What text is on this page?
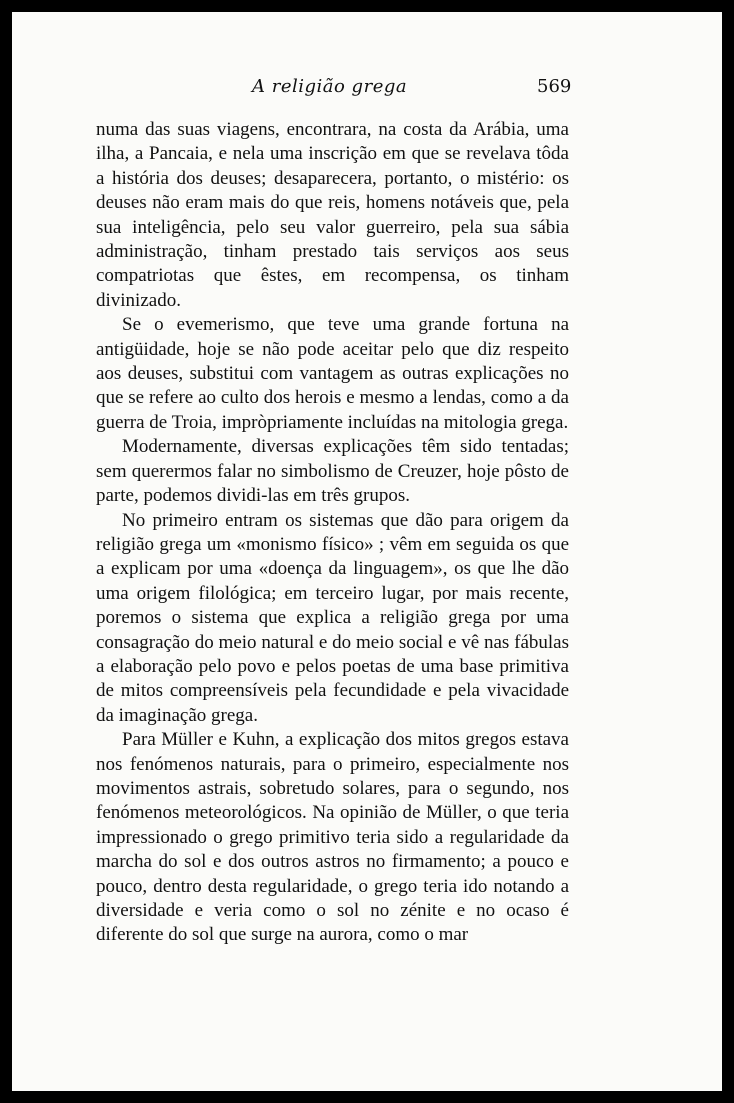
A religião grega	569

numa das suas viagens, encontrara, na costa da Arábia, uma ilha, a Pancaia, e nela uma inscrição em que se revelava tôda a história dos deuses; desaparecera, portanto, o mistério: os deuses não eram mais do que reis, homens notáveis que, pela sua inteligência, pelo seu valor guerreiro, pela sua sábia administração, tinham prestado tais serviços aos seus compatriotas que êstes, em recompensa, os tinham divinizado.

Se o evemerismo, que teve uma grande fortuna na antigüidade, hoje se não pode aceitar pelo que diz respeito aos deuses, substitui com vantagem as outras explicações no que se refere ao culto dos herois e mesmo a lendas, como a da guerra de Troia, impròpriamente incluídas na mitologia grega.

Modernamente, diversas explicações têm sido tentadas; sem querermos falar no simbolismo de Creuzer, hoje pôsto de parte, podemos dividi-las em três grupos.

No primeiro entram os sistemas que dão para origem da religião grega um «monismo físico» ; vêm em seguida os que a explicam por uma «doença da linguagem», os que lhe dão uma origem filológica; em terceiro lugar, por mais recente, poremos o sistema que explica a religião grega por uma consagração do meio natural e do meio social e vê nas fábulas a elaboração pelo povo e pelos poetas de uma base primitiva de mitos compreensíveis pela fecundidade e pela vivacidade da imaginação grega.

Para Müller e Kuhn, a explicação dos mitos gregos estava nos fenómenos naturais, para o primeiro, especialmente nos movimentos astrais, sobretudo solares, para o segundo, nos fenómenos meteorológicos. Na opinião de Müller, o que teria impressionado o grego primitivo teria sido a regularidade da marcha do sol e dos outros astros no firmamento; a pouco e pouco, dentro desta regularidade, o grego teria ido notando a diversidade e veria como o sol no zénite e no ocaso é diferente do sol que surge na aurora, como o mar
